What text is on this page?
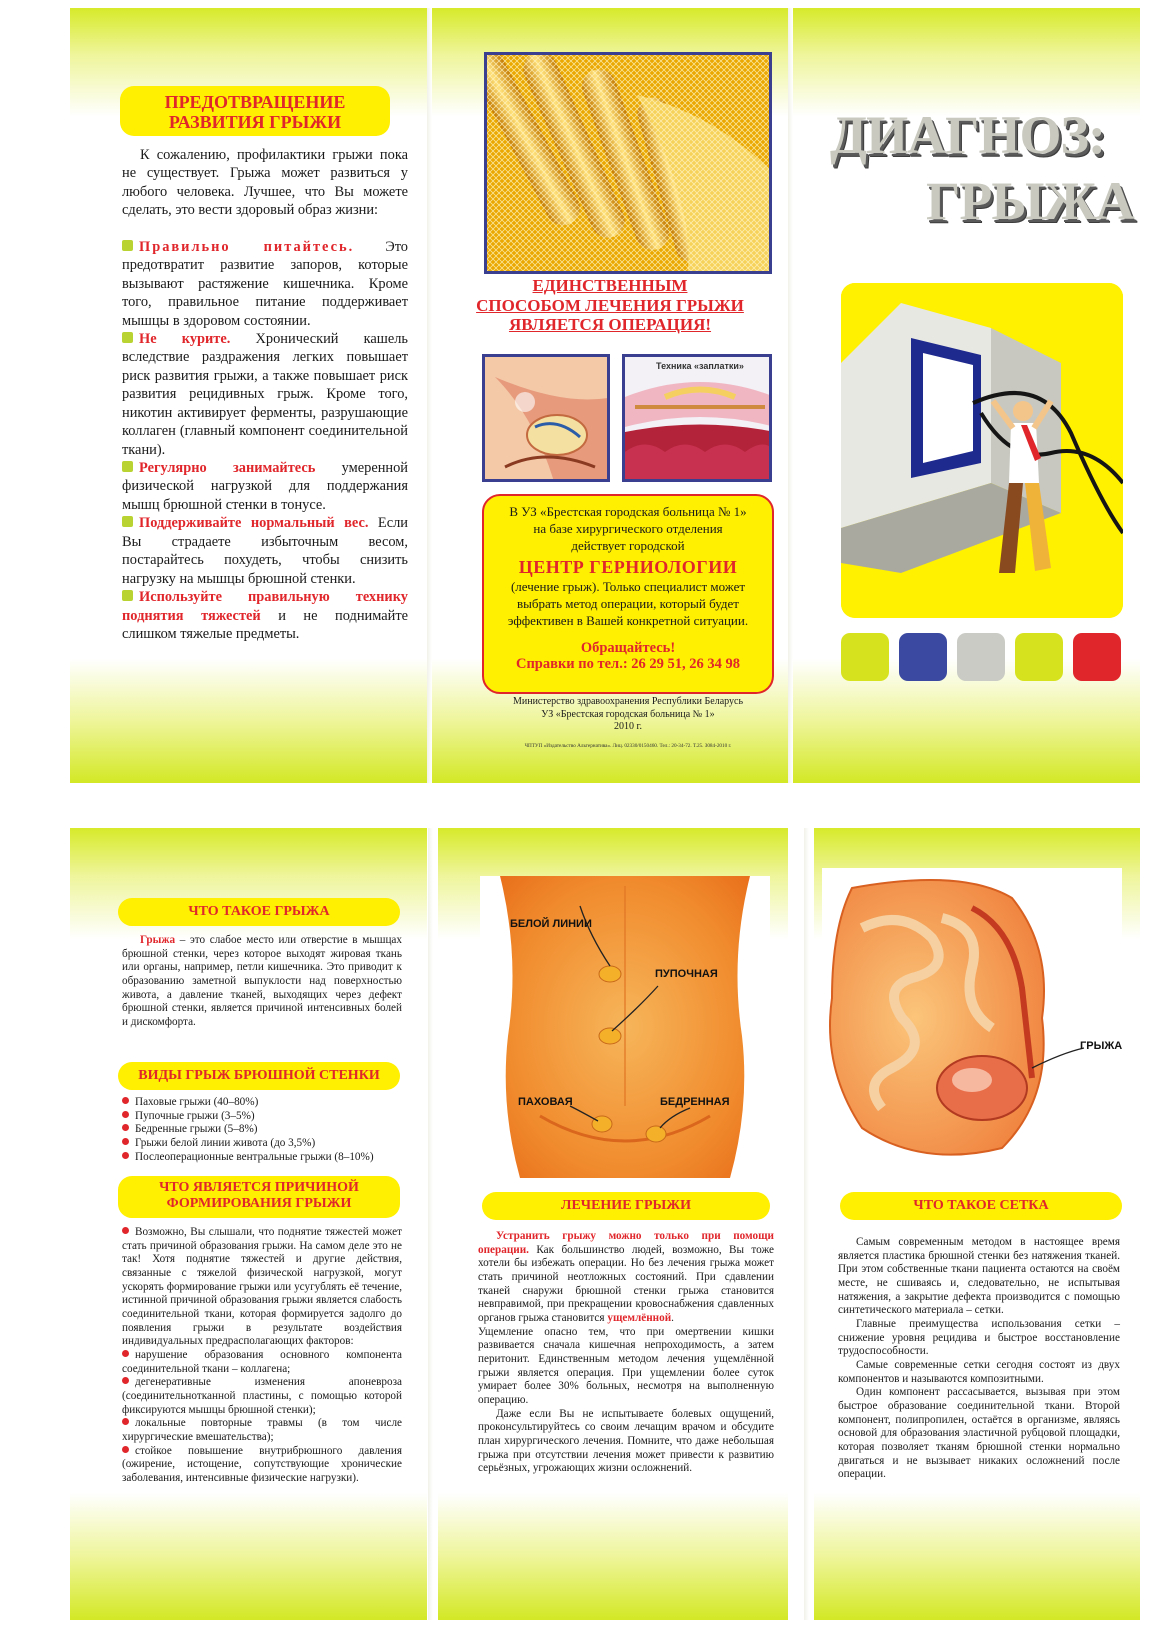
ПРЕДОТВРАЩЕНИЕ
РАЗВИТИЯ ГРЫЖИ

К сожалению, профилактики грыжи пока не существует. Грыжа может развиться у любого человека. Лучшее, что Вы можете сделать, это вести здоровый образ жизни:

Правильно питайтесь. Это предотвратит развитие запоров, которые вызывают растяжение кишечника. Кроме того, правильное питание поддерживает мышцы в здоровом состоянии.

Не курите. Хронический кашель вследствие раздражения легких повышает риск развития грыжи, а также повышает риск развития рецидивных грыж. Кроме того, никотин активирует ферменты, разрушающие коллаген (главный компонент соединительной ткани).

Регулярно занимайтесь умеренной физической нагрузкой для поддержания мышц брюшной стенки в тонусе.

Поддерживайте нормальный вес. Если Вы страдаете избыточным весом, постарайтесь похудеть, чтобы снизить нагрузку на мышцы брюшной стенки.

Используйте правильную технику поднятия тяжестей и не поднимайте слишком тяжелые предметы.

ЕДИНСТВЕННЫМ
СПОСОБОМ ЛЕЧЕНИЯ ГРЫЖИ
ЯВЛЯЕТСЯ ОПЕРАЦИЯ!
Техника «заплатки»
В УЗ «Брестская городская больница № 1»
на базе хирургического отделения
действует городской
ЦЕНТР ГЕРНИОЛОГИИ
(лечение грыж). Только специалист может
выбрать метод операции, который будет
эффективен в Вашей конкретной ситуации.
Обращайтесь!
Справки по тел.: 26 29 51, 26 34 98
Министерство здравоохранения Республики Беларусь
УЗ «Брестская городская больница № 1»
2010 г.
ЧПТУП «Издательство Альтернатива». Лиц. 02330/0150460. Тел.: 20-34-72. Т.25. З084-2010 г.
ДИАГНОЗ:
ГРЫЖА
ЧТО ТАКОЕ ГРЫЖА

Грыжа – это слабое место или отверстие в мышцах брюшной стенки, через которое выходят жировая ткань или органы, например, петли кишечника. Это приводит к образованию заметной выпуклости над поверхностью живота, а давление тканей, выходящих через дефект брюшной стенки, является причиной интенсивных болей и дискомфорта.

ВИДЫ ГРЫЖ БРЮШНОЙ СТЕНКИ
Паховые грыжи (40–80%)
Пупочные грыжи (3–5%)
Бедренные грыжи (5–8%)
Грыжи белой линии живота (до 3,5%)
Послеоперационные вентральные грыжи (8–10%)
ЧТО ЯВЛЯЕТСЯ ПРИЧИНОЙ
ФОРМИРОВАНИЯ ГРЫЖИ

Возможно, Вы слышали, что поднятие тяжестей может стать причиной образования грыжи. На самом деле это не так! Хотя поднятие тяжестей и другие действия, связанные с тяжелой физической нагрузкой, могут ускорять формирование грыжи или усугублять её течение, истинной причиной образования грыжи является слабость соединительной ткани, которая формируется задолго до появления грыжи в результате воздействия индивидуальных предрасполагающих факторов:

нарушение образования основного компонента соединительной ткани – коллагена;

дегенеративные изменения апоневроза (соединительнотканной пластины, с помощью которой фиксируются мышцы брюшной стенки);

локальные повторные травмы (в том числе хирургические вмешательства);

стойкое повышение внутрибрюшного давления (ожирение, истощение, сопутствующие хронические заболевания, интенсивные физические нагрузки).

БЕЛОЙ ЛИНИИ
ПУПОЧНАЯ
ПАХОВАЯ	БЕДРЕННАЯ
ЛЕЧЕНИЕ ГРЫЖИ

Устранить грыжу можно только при помощи операции. Как большинство людей, возможно, Вы тоже хотели бы избежать операции. Но без лечения грыжа может стать причиной неотложных состояний. При сдавлении тканей снаружи брюшной стенки грыжа становится невправимой, при прекращении кровоснабжения сдавленных органов грыжа становится ущемлённой.

Ущемление опасно тем, что при омертвении кишки развивается сначала кишечная непроходимость, а затем перитонит. Единственным методом лечения ущемлённой грыжи является операция. При ущемлении более суток умирает более 30% больных, несмотря на выполненную операцию.

Даже если Вы не испытываете болевых ощущений, проконсультируйтесь со своим лечащим врачом и обсудите план хирургического лечения. Помните, что даже небольшая грыжа при отсутствии лечения может привести к развитию серьёзных, угрожающих жизни осложнений.

ГРЫЖА
ЧТО ТАКОЕ СЕТКА

Самым современным методом в настоящее время является пластика брюшной стенки без натяжения тканей. При этом собственные ткани пациента остаются на своём месте, не сшиваясь и, следовательно, не испытывая натяжения, а закрытие дефекта производится с помощью синтетического материала – сетки.

Главные преимущества использования сетки – снижение уровня рецидива и быстрое восстановление трудоспособности.

Самые современные сетки сегодня состоят из двух компонентов и называются композитными.

Один компонент рассасывается, вызывая при этом быстрое образование соединительной ткани. Второй компонент, полипропилен, остаётся в организме, являясь основой для образования эластичной рубцовой площадки, которая позволяет тканям брюшной стенки нормально двигаться и не вызывает никаких осложнений после операции.
